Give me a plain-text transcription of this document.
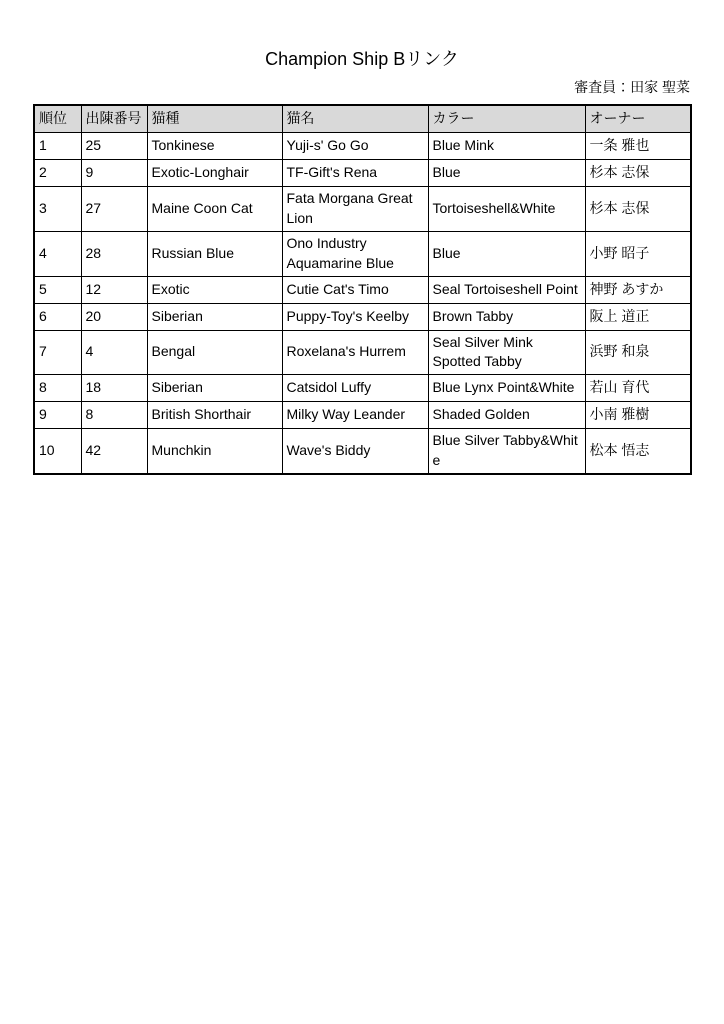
Champion Ship Bリンク
審査員：田家 聖菜
順位	出陳番号	猫種	猫名	カラー	オーナー
1	25	Tonkinese	Yuji-s' Go Go	Blue Mink	一条 雅也
2	9	Exotic-Longhair	TF-Gift's Rena	Blue	杉本 志保
3	27	Maine Coon Cat	Fata Morgana Great Lion	Tortoiseshell&White	杉本 志保
4	28	Russian Blue	Ono Industry Aquamarine Blue	Blue	小野 昭子
5	12	Exotic	Cutie Cat's Timo	Seal Tortoiseshell Point	神野 あすか
6	20	Siberian	Puppy-Toy's Keelby	Brown Tabby	阪上 道正
7	4	Bengal	Roxelana's Hurrem	Seal Silver Mink Spotted Tabby	浜野 和泉
8	18	Siberian	Catsidol Luffy	Blue Lynx Point&White	若山 育代
9	8	British Shorthair	Milky Way Leander	Shaded Golden	小南 雅樹
10	42	Munchkin	Wave's Biddy	Blue Silver Tabby&White	松本 悟志
